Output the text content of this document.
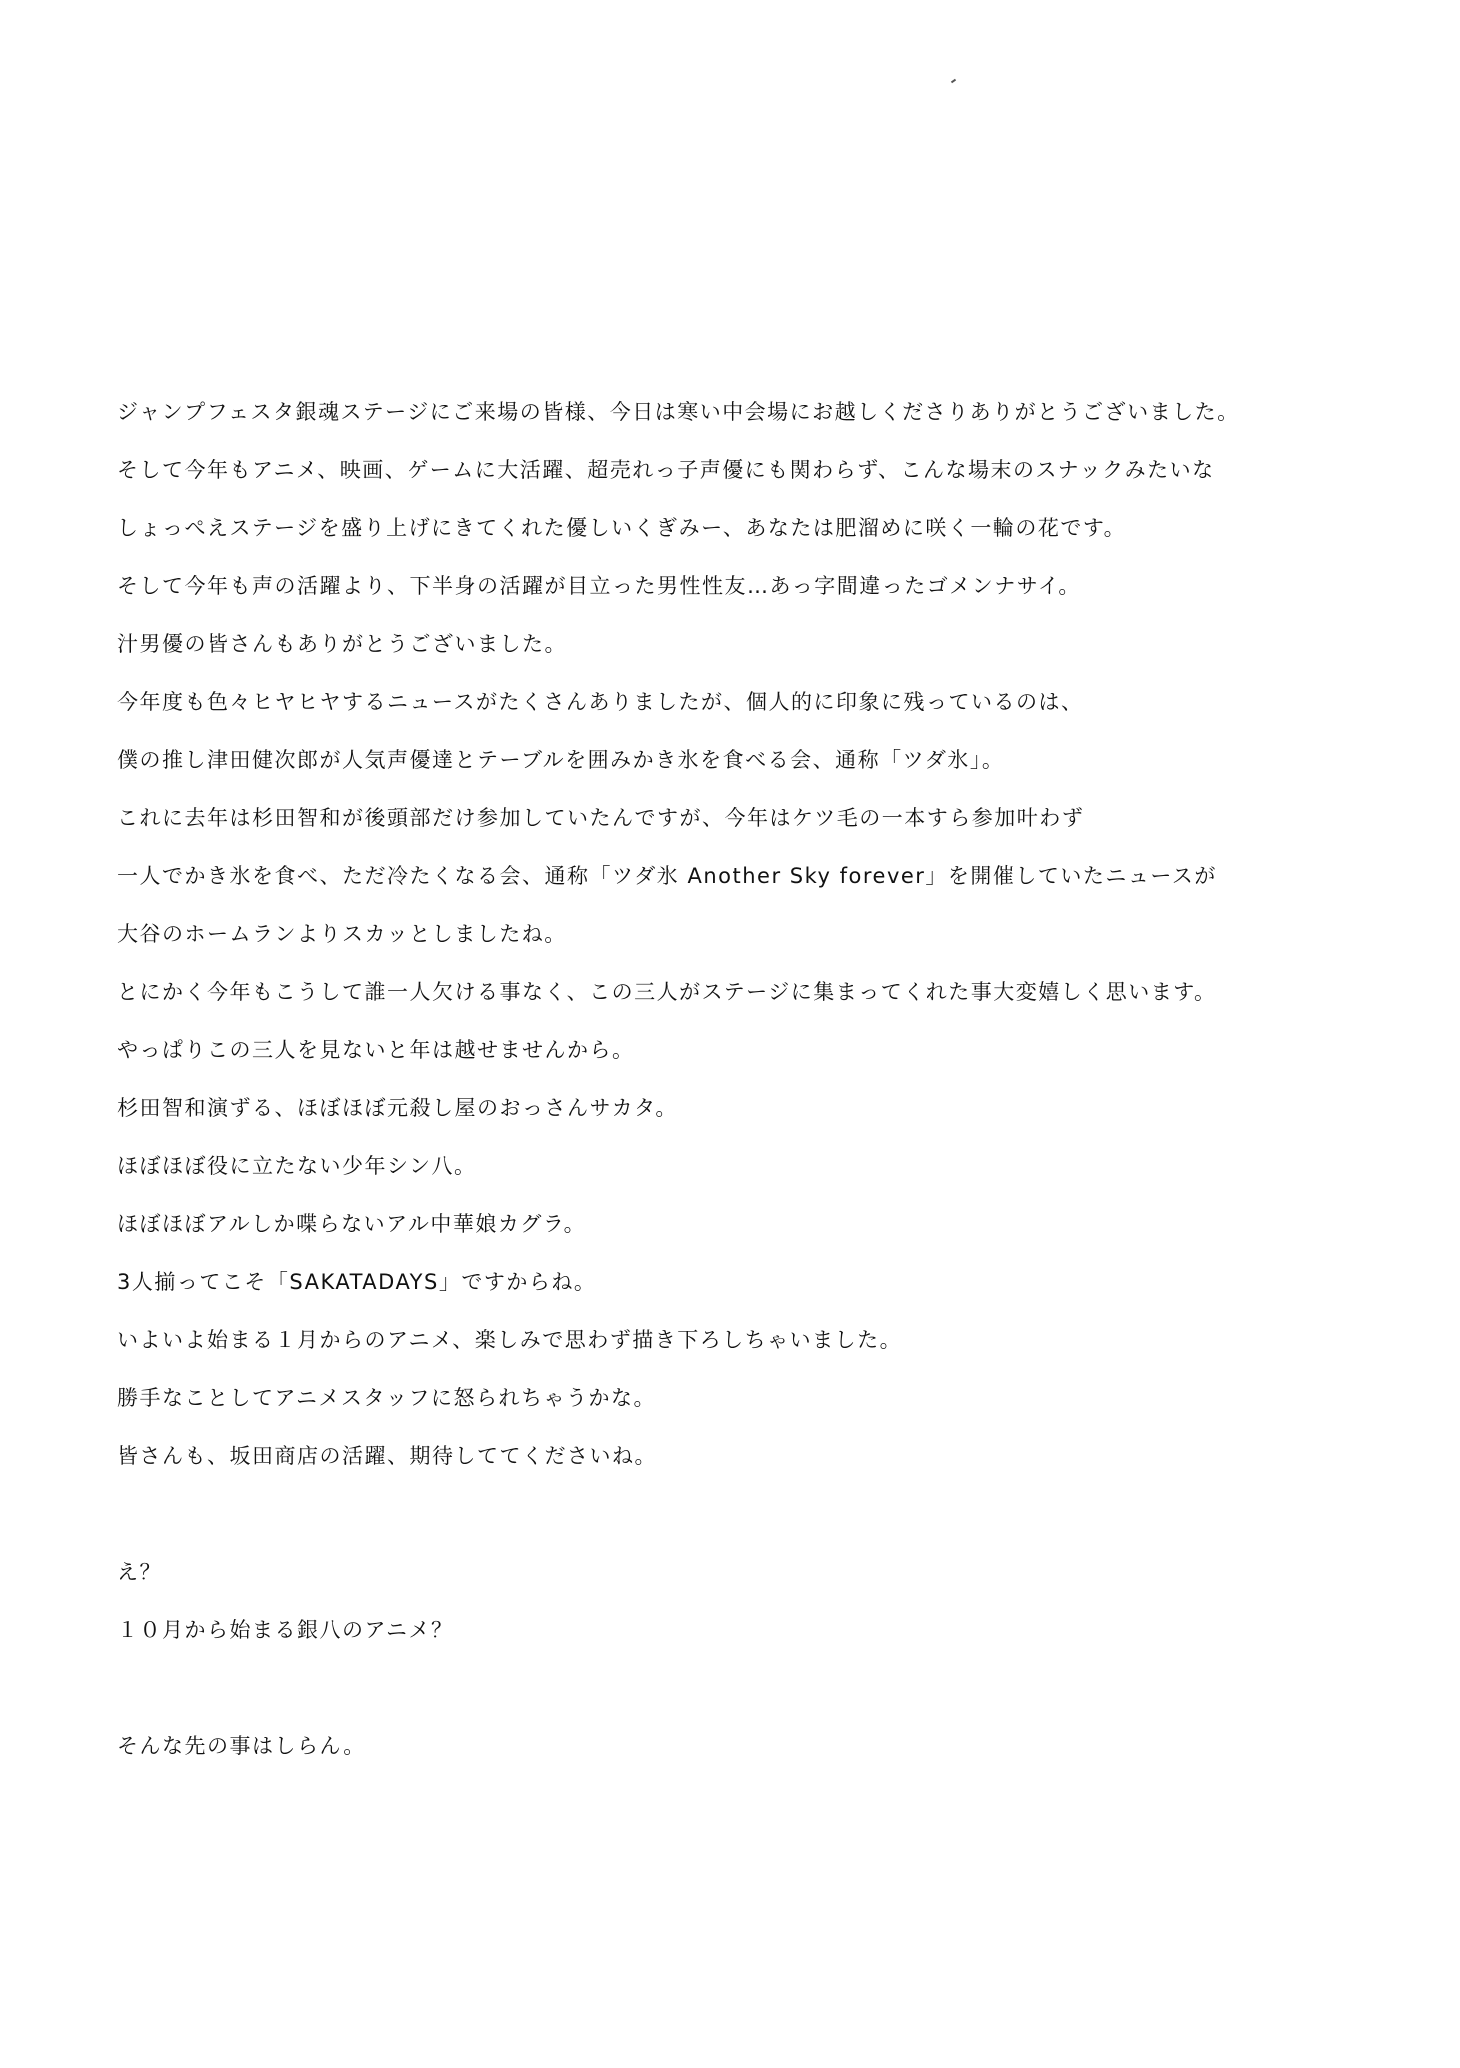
ジャンプフェスタ銀魂ステージにご来場の皆様、今日は寒い中会場にお越しくださりありがとうございました。
そして今年もアニメ、映画、ゲームに大活躍、超売れっ子声優にも関わらず、こんな場末のスナックみたいな
しょっぺえステージを盛り上げにきてくれた優しいくぎみー、あなたは肥溜めに咲く一輪の花です。
そして今年も声の活躍より、下半身の活躍が目立った男性性友…あっ字間違ったゴメンナサイ。
汁男優の皆さんもありがとうございました。
今年度も色々ヒヤヒヤするニュースがたくさんありましたが、個人的に印象に残っているのは、
僕の推し津田健次郎が人気声優達とテーブルを囲みかき氷を食べる会、通称「ツダ氷」。
これに去年は杉田智和が後頭部だけ参加していたんですが、今年はケツ毛の一本すら参加叶わず
一人でかき氷を食べ、ただ冷たくなる会、通称「ツダ氷 Another Sky forever」を開催していたニュースが
大谷のホームランよりスカッとしましたね。
とにかく今年もこうして誰一人欠ける事なく、この三人がステージに集まってくれた事大変嬉しく思います。
やっぱりこの三人を見ないと年は越せませんから。
杉田智和演ずる、ほぼほぼ元殺し屋のおっさんサカタ。
ほぼほぼ役に立たない少年シン八。
ほぼほぼアルしか喋らないアル中華娘カグラ。
3人揃ってこそ「SAKATADAYS」ですからね。
いよいよ始まる１月からのアニメ、楽しみで思わず描き下ろしちゃいました。
勝手なことしてアニメスタッフに怒られちゃうかな。
皆さんも、坂田商店の活躍、期待しててくださいね。
え？
１０月から始まる銀八のアニメ？
そんな先の事はしらん。
